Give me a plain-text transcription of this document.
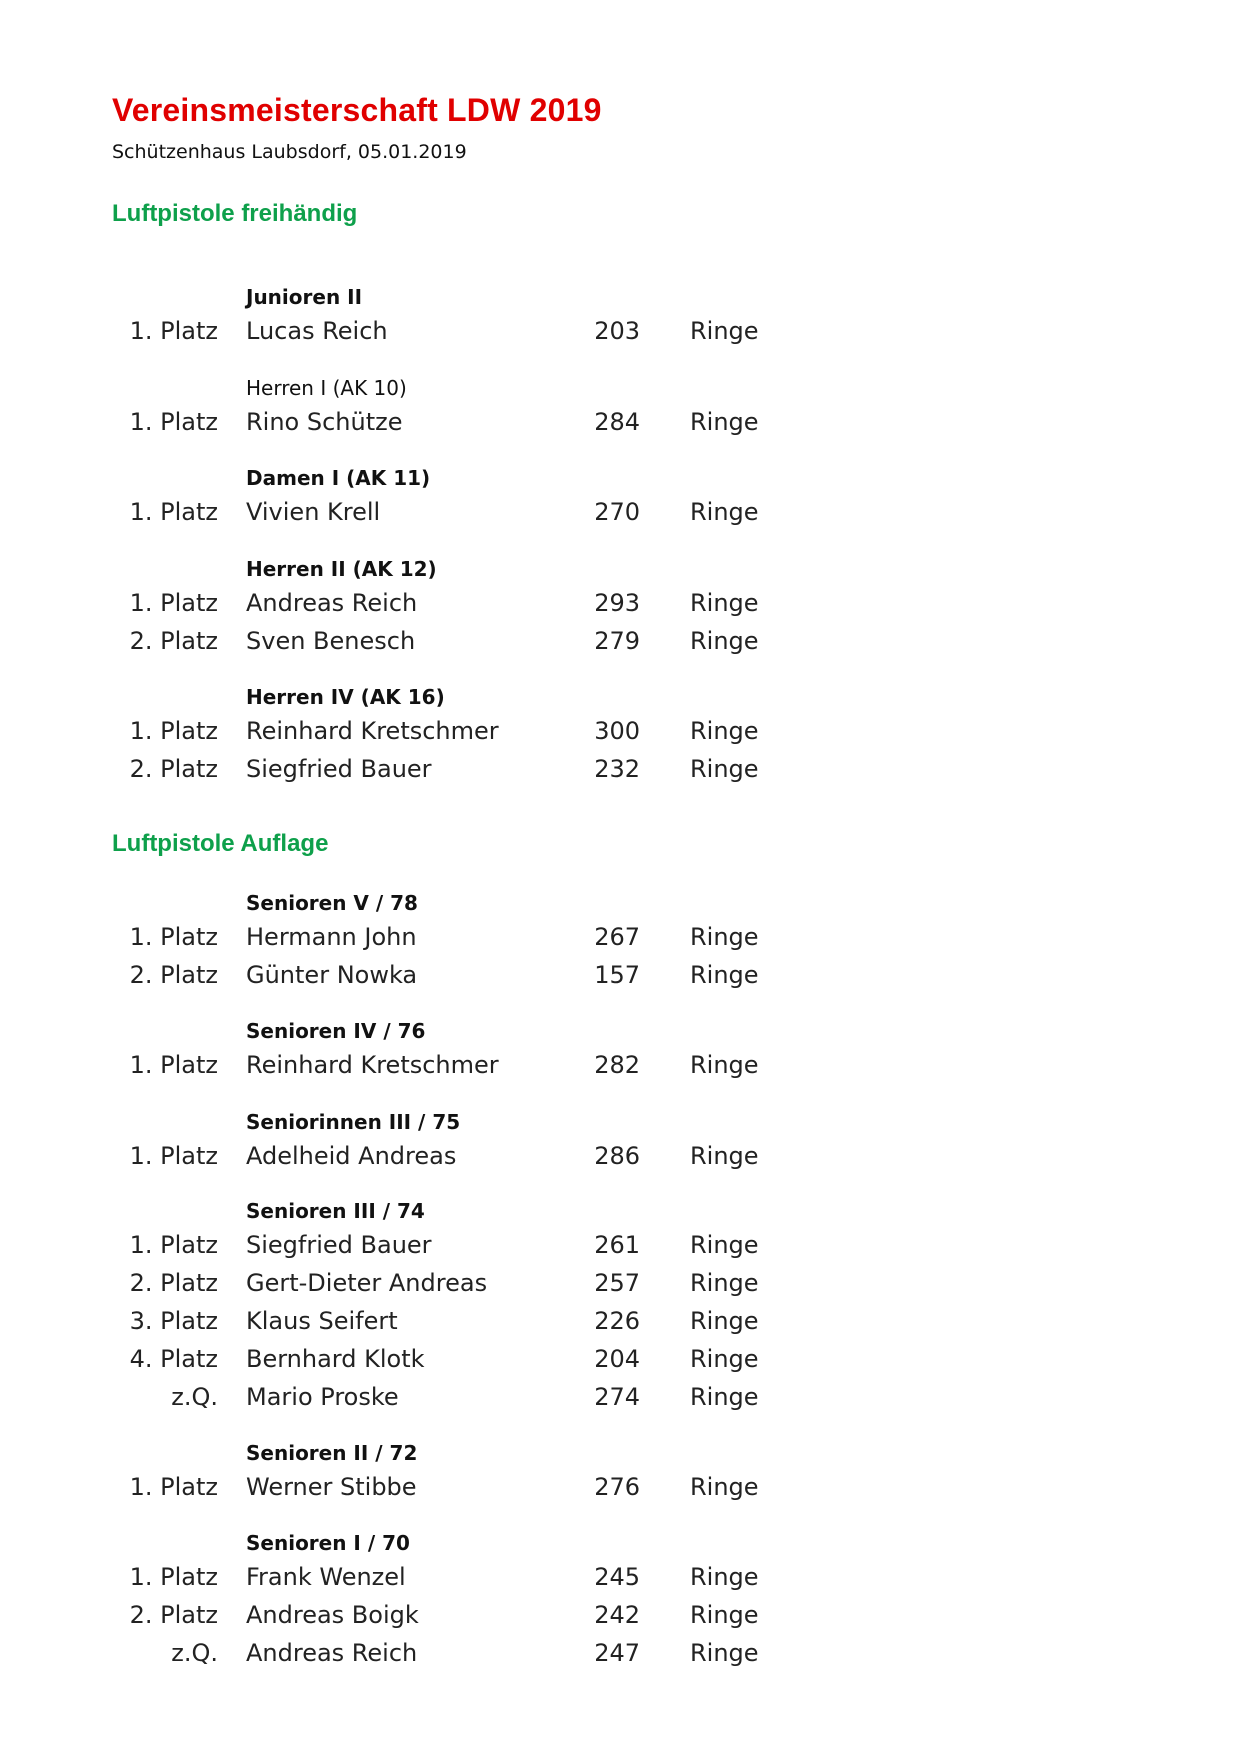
Vereinsmeisterschaft LDW 2019
Schützenhaus Laubsdorf, 05.01.2019
Luftpistole freihändig
Junioren II
1. Platz Lucas Reich	203 Ringe
Herren I (AK 10)
1. Platz Rino Schütze	284 Ringe
Damen I (AK 11)
1. Platz Vivien Krell	270 Ringe
Herren II (AK 12)
1. Platz Andreas Reich	293 Ringe
2. Platz Sven Benesch	279 Ringe
Herren IV (AK 16)
1. Platz Reinhard Kretschmer	300 Ringe
2. Platz Siegfried Bauer	232 Ringe
Luftpistole Auflage
Senioren V / 78
1. Platz Hermann John	267 Ringe
2. Platz Günter Nowka	157 Ringe
Senioren IV / 76
1. Platz Reinhard Kretschmer	282 Ringe
Seniorinnen III / 75
1. Platz Adelheid Andreas	286 Ringe
Senioren III / 74
1. Platz Siegfried Bauer	261 Ringe
2. Platz Gert-Dieter Andreas	257 Ringe
3. Platz Klaus Seifert	226 Ringe
4. Platz Bernhard Klotk	204 Ringe
z.Q. Mario Proske	274 Ringe
Senioren II / 72
1. Platz Werner Stibbe	276 Ringe
Senioren I / 70
1. Platz Frank Wenzel	245 Ringe
2. Platz Andreas Boigk	242 Ringe
z.Q. Andreas Reich	247 Ringe
